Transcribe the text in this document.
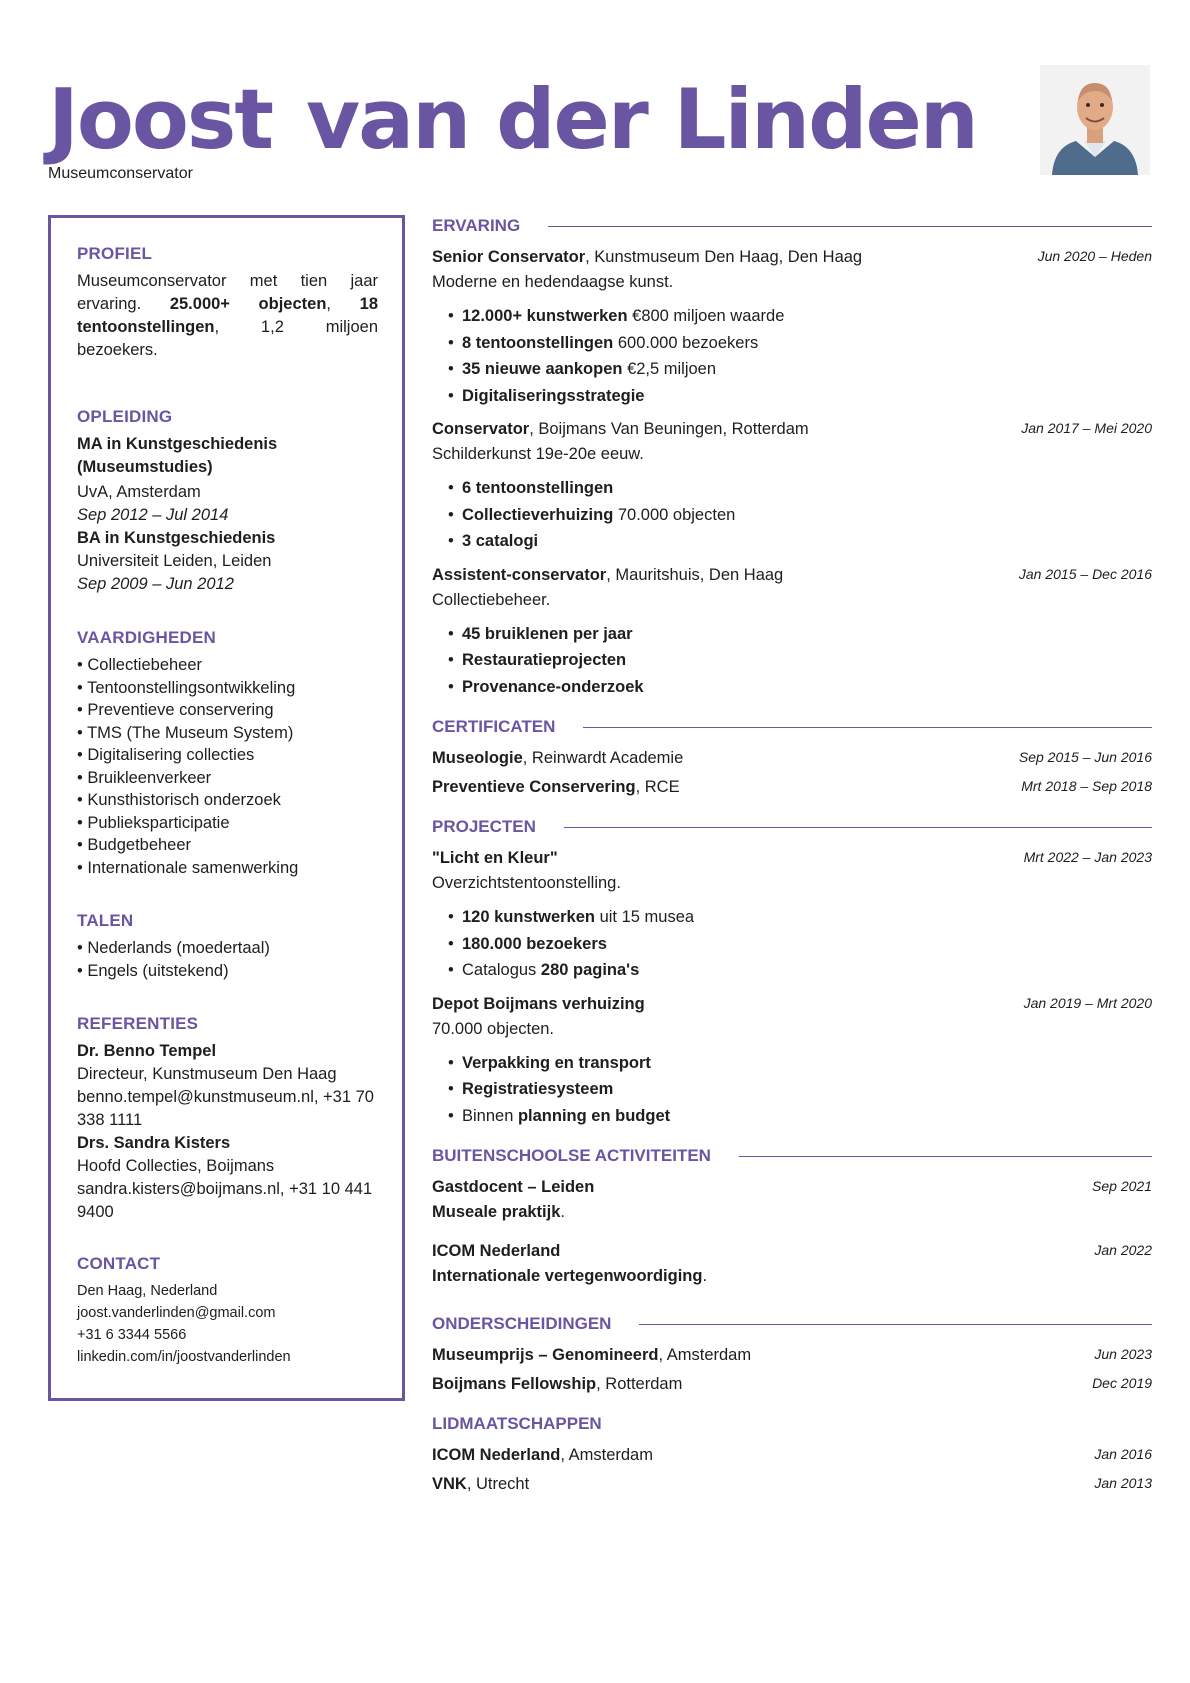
Joost van der Linden
Museumconservator
PROFIEL
Museumconservator met tien jaar ervaring. 25.000+ objecten, 18 tentoonstellingen, 1,2 miljoen bezoekers.
OPLEIDING
MA in Kunstgeschiedenis (Museumstudies)
UvA, Amsterdam
Sep 2012 – Jul 2014
BA in Kunstgeschiedenis
Universiteit Leiden, Leiden
Sep 2009 – Jun 2012
VAARDIGHEDEN
• Collectiebeheer
• Tentoonstellingsontwikkeling
• Preventieve conservering
• TMS (The Museum System)
• Digitalisering collecties
• Bruikleenverkeer
• Kunsthistorisch onderzoek
• Publieksparticipatie
• Budgetbeheer
• Internationale samenwerking
TALEN
• Nederlands (moedertaal)
• Engels (uitstekend)
REFERENTIES
Dr. Benno Tempel
Directeur, Kunstmuseum Den Haag
benno.tempel@kunstmuseum.nl, +31 70 338 1111
Drs. Sandra Kisters
Hoofd Collecties, Boijmans
sandra.kisters@boijmans.nl, +31 10 441 9400
CONTACT
Den Haag, Nederland
joost.vanderlinden@gmail.com
+31 6 3344 5566
linkedin.com/in/joostvanderlinden
ERVARING
Senior Conservator, Kunstmuseum Den Haag, Den Haag	Jun 2020 – Heden
Moderne en hedendaagse kunst.
• 12.000+ kunstwerken €800 miljoen waarde
• 8 tentoonstellingen 600.000 bezoekers
• 35 nieuwe aankopen €2,5 miljoen
• Digitaliseringsstrategie
Conservator, Boijmans Van Beuningen, Rotterdam	Jan 2017 – Mei 2020
Schilderkunst 19e-20e eeuw.
• 6 tentoonstellingen
• Collectieverhuizing 70.000 objecten
• 3 catalogi
Assistent-conservator, Mauritshuis, Den Haag	Jan 2015 – Dec 2016
Collectiebeheer.
• 45 bruiklenen per jaar
• Restauratieprojecten
• Provenance-onderzoek
CERTIFICATEN
Museologie, Reinwardt Academie	Sep 2015 – Jun 2016
Preventieve Conservering, RCE	Mrt 2018 – Sep 2018
PROJECTEN
"Licht en Kleur"	Mrt 2022 – Jan 2023
Overzichtstentoonstelling.
• 120 kunstwerken uit 15 musea
• 180.000 bezoekers
• Catalogus 280 pagina's
Depot Boijmans verhuizing	Jan 2019 – Mrt 2020
70.000 objecten.
• Verpakking en transport
• Registratiesysteem
• Binnen planning en budget
BUITENSCHOOLSE ACTIVITEITEN
Gastdocent – Leiden	Sep 2021
Museale praktijk.
ICOM Nederland	Jan 2022
Internationale vertegenwoordiging.
ONDERSCHEIDINGEN
Museumprijs – Genomineerd, Amsterdam	Jun 2023
Boijmans Fellowship, Rotterdam	Dec 2019
LIDMAATSCHAPPEN
ICOM Nederland, Amsterdam	Jan 2016
VNK, Utrecht	Jan 2013
